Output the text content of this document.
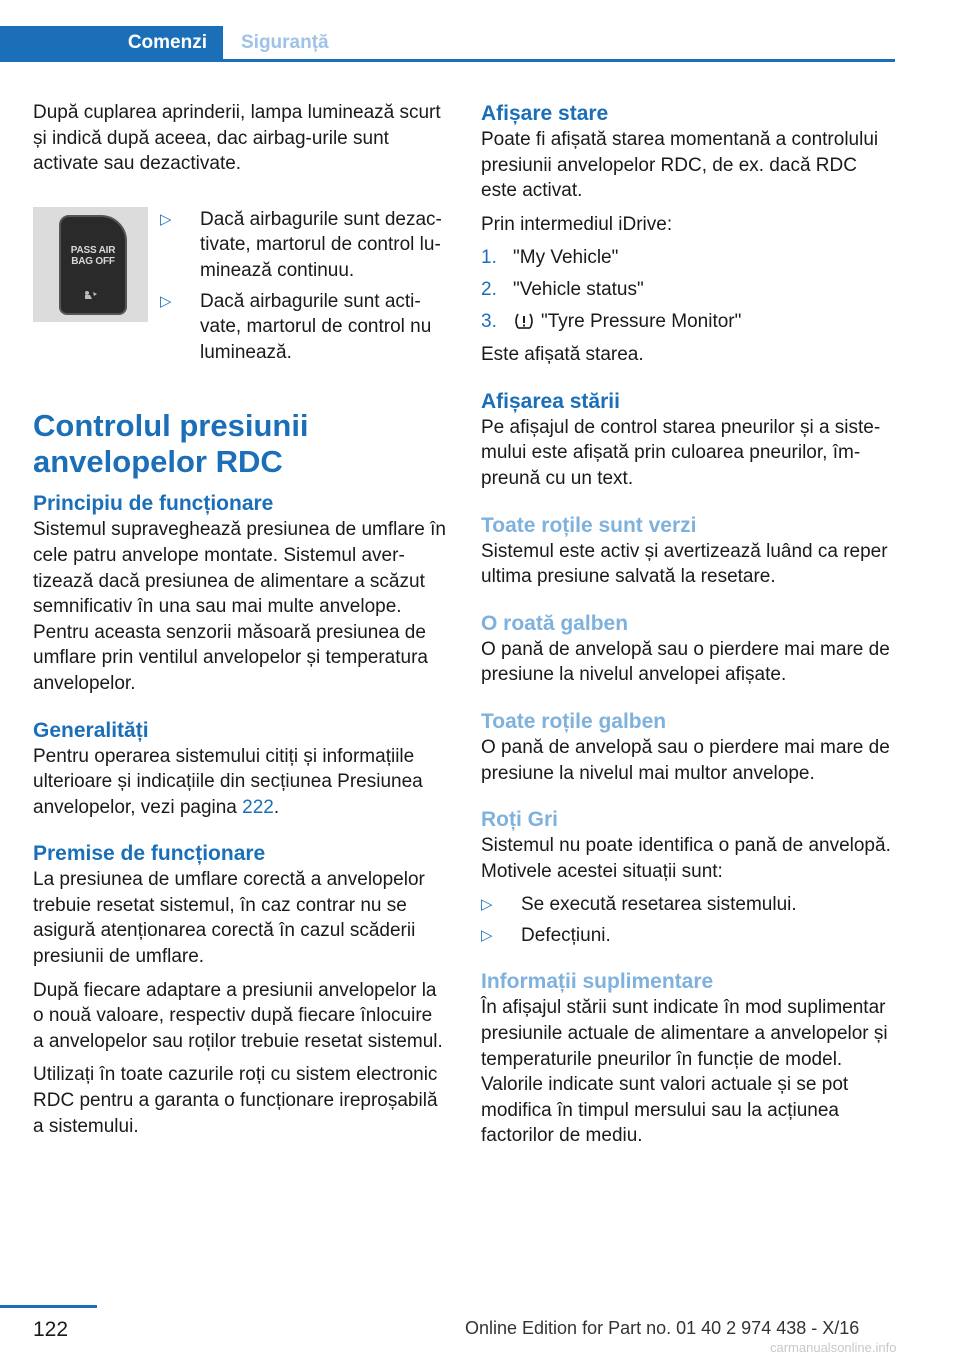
Comenzi	Siguranță

După cuplarea aprinderii, lampa luminează scurt și indică după aceea, dac airbag-urile sunt activate sau dezactivate.

PASS AIR BAG OFF
▷ Dacă airbagurile sunt dezactivate, martorul de control luminează continuu.
▷ Dacă airbagurile sunt activate, martorul de control nu luminează.
Controlul presiunii anvelopelor RDC
Principiu de funcționare

Sistemul supraveghează presiunea de umflare în cele patru anvelope montate. Sistemul avertizează dacă presiunea de alimentare a scăzut semnificativ în una sau mai multe anvelope. Pentru aceasta senzorii măsoară presiunea de umflare prin ventilul anvelopelor și temperatura anvelopelor.

Generalități

Pentru operarea sistemului citiți și informațiile ulterioare și indicațiile din secțiunea Presiunea anvelopelor, vezi pagina 222.

Premise de funcționare

La presiunea de umflare corectă a anvelopelor trebuie resetat sistemul, în caz contrar nu se asigură atenționarea corectă în cazul scăderii presiunii de umflare.

După fiecare adaptare a presiunii anvelopelor la o nouă valoare, respectiv după fiecare înlocuire a anvelopelor sau roților trebuie resetat sistemul.

Utilizați în toate cazurile roți cu sistem electronic RDC pentru a garanta o funcționare ireproșabilă a sistemului.

Afișare stare

Poate fi afișată starea momentană a controlului presiunii anvelopelor RDC, de ex. dacă RDC este activat.

Prin intermediul iDrive:

1. "My Vehicle"
2. "Vehicle status"
3. "Tyre Pressure Monitor"

Este afișată starea.

Afișarea stării

Pe afișajul de control starea pneurilor și a sistemului este afișată prin culoarea pneurilor, împreună cu un text.

Toate roțile sunt verzi

Sistemul este activ și avertizează luând ca reper ultima presiune salvată la resetare.

O roată galben

O pană de anvelopă sau o pierdere mai mare de presiune la nivelul anvelopei afișate.

Toate roțile galben

O pană de anvelopă sau o pierdere mai mare de presiune la nivelul mai multor anvelope.

Roți Gri

Sistemul nu poate identifica o pană de anvelopă. Motivele acestei situații sunt:

▷ Se execută resetarea sistemului.
▷ Defecțiuni.
Informații suplimentare

În afișajul stării sunt indicate în mod suplimentar presiunile actuale de alimentare a anvelopelor și temperaturile pneurilor în funcție de model. Valorile indicate sunt valori actuale și se pot modifica în timpul mersului sau la acțiunea factorilor de mediu.

122	Online Edition for Part no. 01 40 2 974 438 - X/16
carmanualsonline.info
